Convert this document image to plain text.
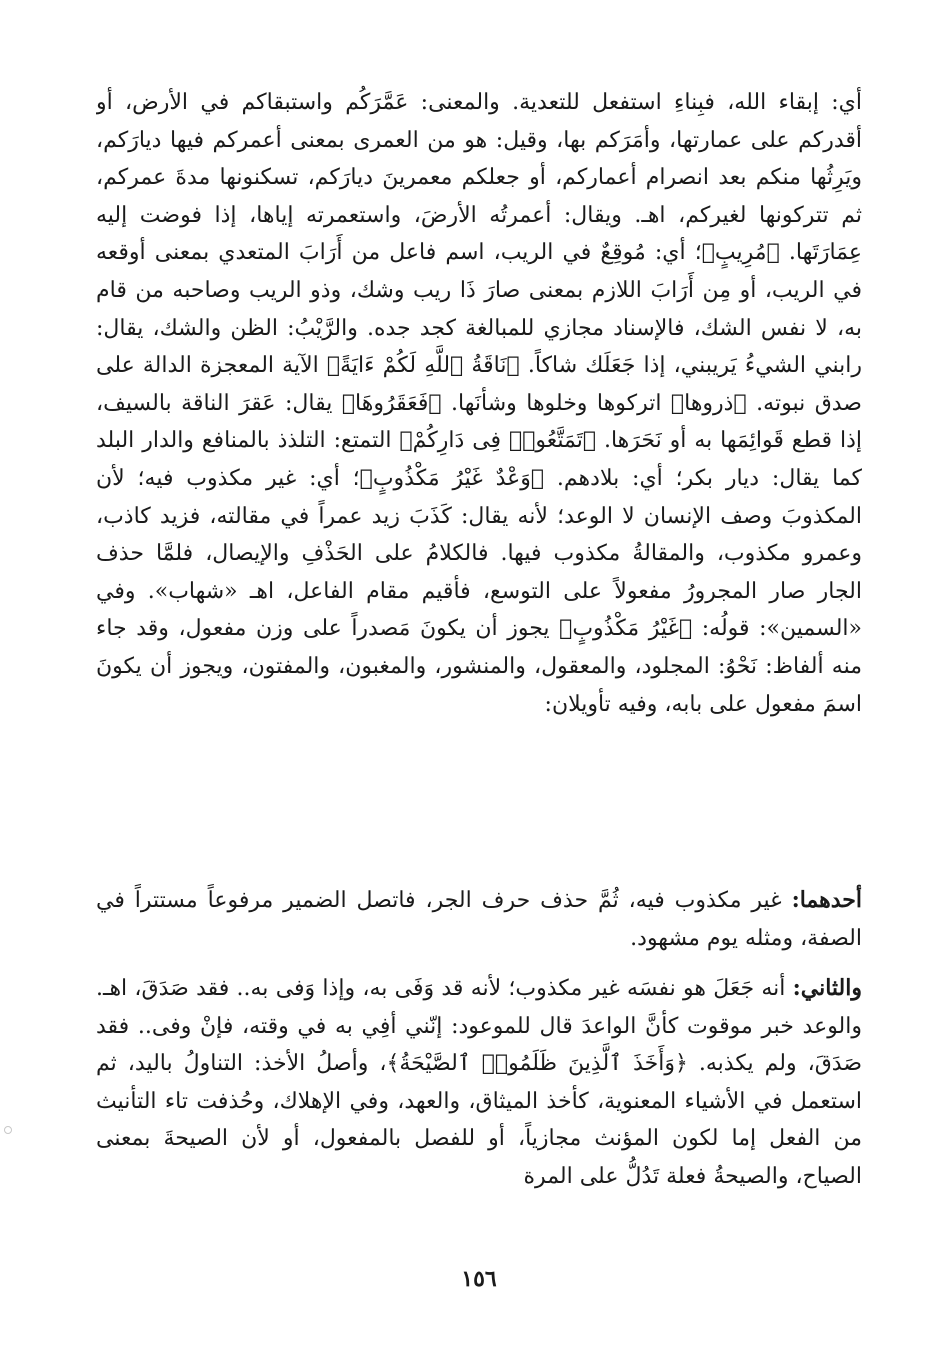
أي: إبقاء الله، فبِناءِ استفعل للتعدية. والمعنى: عَمَّرَكُم واستبقاكم في الأرض، أو أقدركم على عمارتها، وأمَرَكم بها، وقيل: هو من العمرى بمعنى أعمركم فيها ديارَكم، ويَرِثُها منكم بعد انصرام أعماركم، أو جعلكم معمرينَ ديارَكم، تسكنونها مدةَ عمركم، ثم تتركونها لغيركم، اهـ. ويقال: أعمرتُه الأرضَ، واستعمرته إياها، إذا فوضت إليه عِمَارَتَها. ﴿مُرِيبٍ﴾؛ أي: مُوقِعٌ في الريب، اسم فاعل من أَرَابَ المتعدي بمعنى أوقعه في الريب، أو مِن أَرَابَ اللازم بمعنى صارَ ذَا ريب وشك، وذو الريب وصاحبه من قام به، لا نفس الشك، فالإسناد مجازي للمبالغة كجد جده. والرَّيْبُ: الظن والشك، يقال: رابني الشيءُ يَريبني، إذا جَعَلَك شاكاً. ﴿نَاقَةُ ٱللَّهِ لَكُمْ ءَايَةً﴾ الآية المعجزة الدالة على صدق نبوته. ﴿ذروها﴾ اتركوها وخلوها وشأنَها. ﴿فَعَقَرُوهَا﴾ يقال: عَقرَ الناقة بالسيف، إذا قطع قَوائِمَها به أو نَحَرَها. ﴿تَمَتَّعُوا۟ فِى دَارِكُمْ﴾ التمتع: التلذذ بالمنافع والدار البلد كما يقال: ديار بكر؛ أي: بلادهم. ﴿وَعْدٌ غَيْرُ مَكْذُوبٍ﴾؛ أي: غير مكذوب فيه؛ لأن المكذوبَ وصف الإنسان لا الوعد؛ لأنه يقال: كَذَبَ زيد عمراً في مقالته، فزيد كاذب، وعمرو مكذوب، والمقالةُ مكذوب فيها. فالكلامُ على الحَذْفِ والإيصال، فلمَّا حذف الجار صار المجرورُ مفعولاً على التوسع، فأقيم مقام الفاعل، اهـ «شهاب». وفي «السمين»: قولُه: ﴿غَيْرُ مَكْذُوبٍ﴾ يجوز أن يكونَ مَصدراً على وزن مفعول، وقد جاء منه ألفاظ: نَحْوُ: المجلود، والمعقول، والمنشور، والمغبون، والمفتون، ويجوز أن يكونَ اسمَ مفعول على بابه، وفيه تأويلان:

أحدهما: غير مكذوب فيه، ثُمَّ حذف حرف الجر، فاتصل الضمير مرفوعاً مستتراً في الصفة، ومثله يوم مشهود.

والثاني: أنه جَعَلَ هو نفسَه غير مكذوب؛ لأنه قد وَفَى به، وإذا وَفى به.. فقد صَدَقَ، اهـ. والوعد خبر موقوت كأنَّ الواعدَ قال للموعود: إنّني أفِي به في وقته، فإنْ وفى.. فقد صَدَقَ، ولم يكذبه. ﴿وَأَخَذَ ٱلَّذِينَ ظَلَمُوا۟ ٱلصَّيْحَةُ﴾، وأصلُ الأخذ: التناولُ باليد، ثم استعمل في الأشياء المعنوية، كأخذ الميثاق، والعهد، وفي الإهلاك، وحُذفت تاء التأنيث من الفعل إما لكون المؤنث مجازياً، أو للفصل بالمفعول، أو لأن الصيحةَ بمعنى الصياح، والصيحةُ فعلة تَدُلُّ على المرة

١٥٦
